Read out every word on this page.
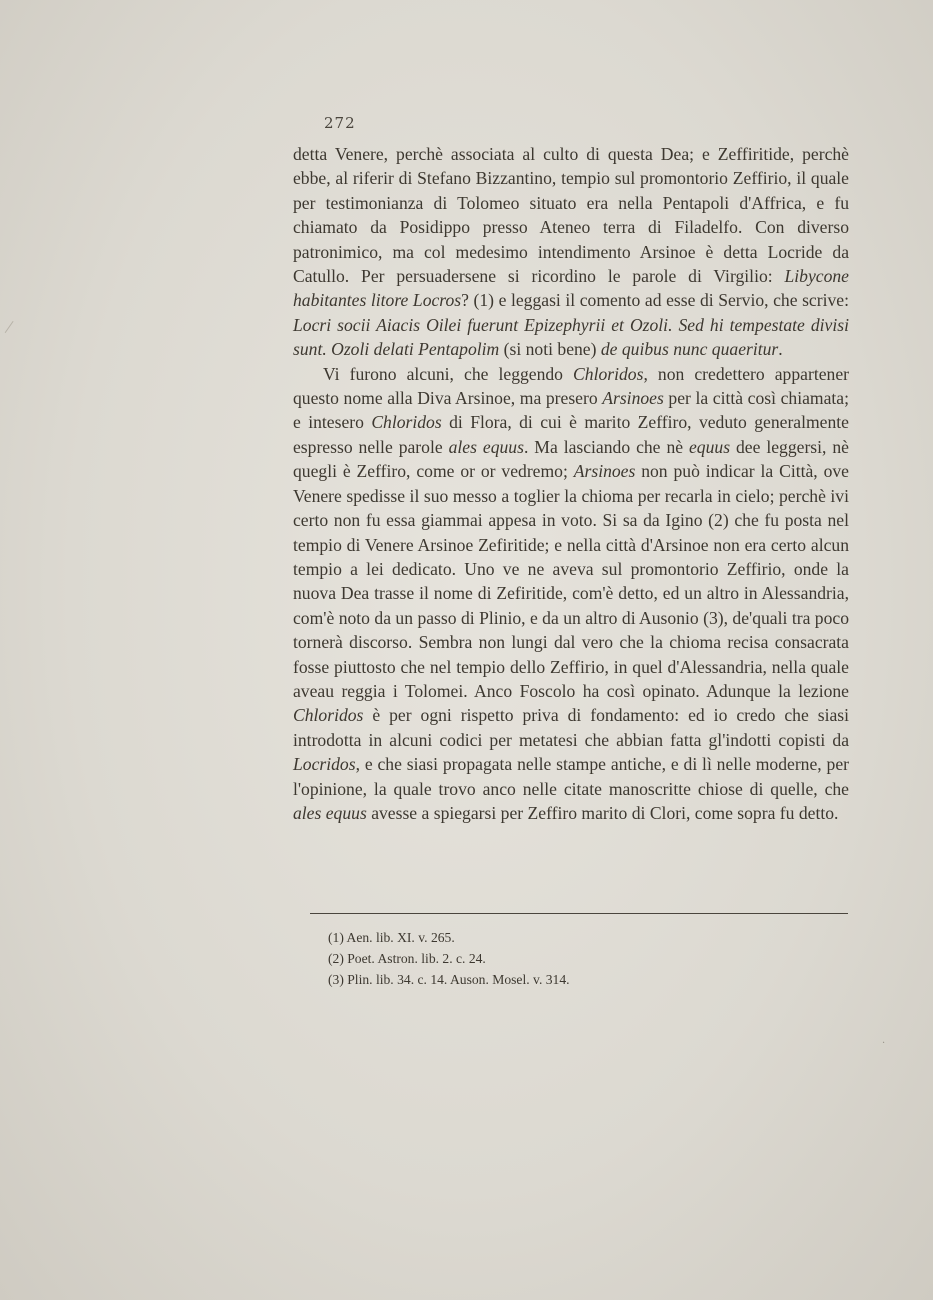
272

detta Venere, perchè associata al culto di questa Dea; e Zeffiritide, perchè ebbe, al riferir di Stefano Bizzantino, tempio sul promontorio Zeffirio, il quale per testimonianza di Tolomeo situato era nella Pentapoli d'Affrica, e fu chiamato da Posidippo presso Ateneo terra di Filadelfo. Con diverso patronimico, ma col medesimo intendimento Arsinoe è detta Locride da Catullo. Per persuadersene si ricordino le parole di Virgilio: Libycone habitantes litore Locros? (1) e leggasi il comento ad esse di Servio, che scrive: Locri socii Aiacis Oilei fuerunt Epizephyrii et Ozoli. Sed hi tempestate divisi sunt. Ozoli delati Pentapolim (si noti bene) de quibus nunc quaeritur.

Vi furono alcuni, che leggendo Chloridos, non credettero appartener questo nome alla Diva Arsinoe, ma presero Arsinoes per la città così chiamata; e intesero Chloridos di Flora, di cui è marito Zeffiro, veduto generalmente espresso nelle parole ales equus. Ma lasciando che nè equus dee leggersi, nè quegli è Zeffiro, come or or vedremo; Arsinoes non può indicar la Città, ove Venere spedisse il suo messo a toglier la chioma per recarla in cielo; perchè ivi certo non fu essa giammai appesa in voto. Si sa da Igino (2) che fu posta nel tempio di Venere Arsinoe Zefiritide; e nella città d'Arsinoe non era certo alcun tempio a lei dedicato. Uno ve ne aveva sul promontorio Zeffirio, onde la nuova Dea trasse il nome di Zefiritide, com'è detto, ed un altro in Alessandria, com'è noto da un passo di Plinio, e da un altro di Ausonio (3), de'quali tra poco tornerà discorso. Sembra non lungi dal vero che la chioma recisa consacrata fosse piuttosto che nel tempio dello Zeffirio, in quel d'Alessandria, nella quale aveau reggia i Tolomei. Anco Foscolo ha così opinato. Adunque la lezione Chloridos è per ogni rispetto priva di fondamento: ed io credo che siasi introdotta in alcuni codici per metatesi che abbian fatta gl'indotti copisti da Locridos, e che siasi propagata nelle stampe antiche, e di lì nelle moderne, per l'opinione, la quale trovo anco nelle citate manoscritte chiose di quelle, che ales equus avesse a spiegarsi per Zeffiro marito di Clori, come sopra fu detto.

(1) Aen. lib. XI. v. 265.
(2) Poet. Astron. lib. 2. c. 24.
(3) Plin. lib. 34. c. 14. Auson. Mosel. v. 314.
·
